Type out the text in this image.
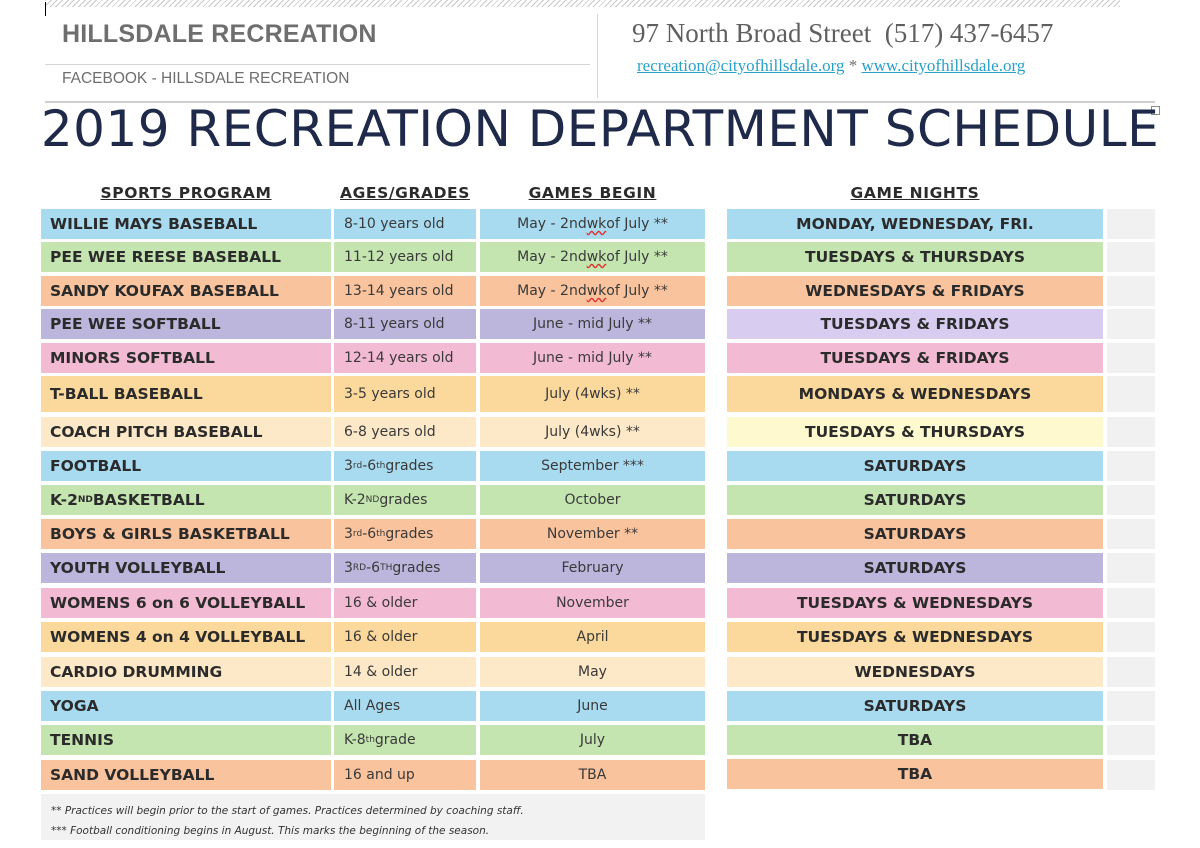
HILLSDALE RECREATION
FACEBOOK - HILLSDALE RECREATION
97 North Broad Street  (517) 437-6457
recreation@cityofhillsdale.org * www.cityofhillsdale.org
2019 RECREATION DEPARTMENT SCHEDULE
SPORTS PROGRAM	AGES/GRADES	GAMES BEGIN	GAME NIGHTS
WILLIE MAYS BASEBALL	8-10 years old	May - 2nd wk of July **	MONDAY, WEDNESDAY, FRI.
PEE WEE REESE BASEBALL	11-12 years old	May - 2nd wk of July **	TUESDAYS & THURSDAYS
SANDY KOUFAX BASEBALL	13-14 years old	May - 2nd wk of July **	WEDNESDAYS & FRIDAYS
PEE WEE SOFTBALL	8-11 years old	June - mid July **	TUESDAYS & FRIDAYS
MINORS SOFTBALL	12-14 years old	June - mid July **	TUESDAYS & FRIDAYS
T-BALL BASEBALL	3-5 years old	July (4wks) **	MONDAYS & WEDNESDAYS
COACH PITCH BASEBALL	6-8 years old	July (4wks) **	TUESDAYS & THURSDAYS
FOOTBALL	3 rd -6 th grades	September ***	SATURDAYS
K-2 ND BASKETBALL	K-2 ND grades	October	SATURDAYS
BOYS & GIRLS BASKETBALL	3 rd -6 th grades	November **	SATURDAYS
YOUTH VOLLEYBALL	3 RD -6 TH grades	February	SATURDAYS
WOMENS 6 on 6 VOLLEYBALL	16 & older	November	TUESDAYS & WEDNESDAYS
WOMENS 4 on 4 VOLLEYBALL	16 & older	April	TUESDAYS & WEDNESDAYS
CARDIO DRUMMING	14 & older	May	WEDNESDAYS
YOGA	All Ages	June	SATURDAYS
TENNIS	K-8 th grade	July	TBA
SAND VOLLEYBALL	16 and up	TBA	TBA
** Practices will begin prior to the start of games. Practices determined by coaching staff.
*** Football conditioning begins in August. This marks the beginning of the season.
